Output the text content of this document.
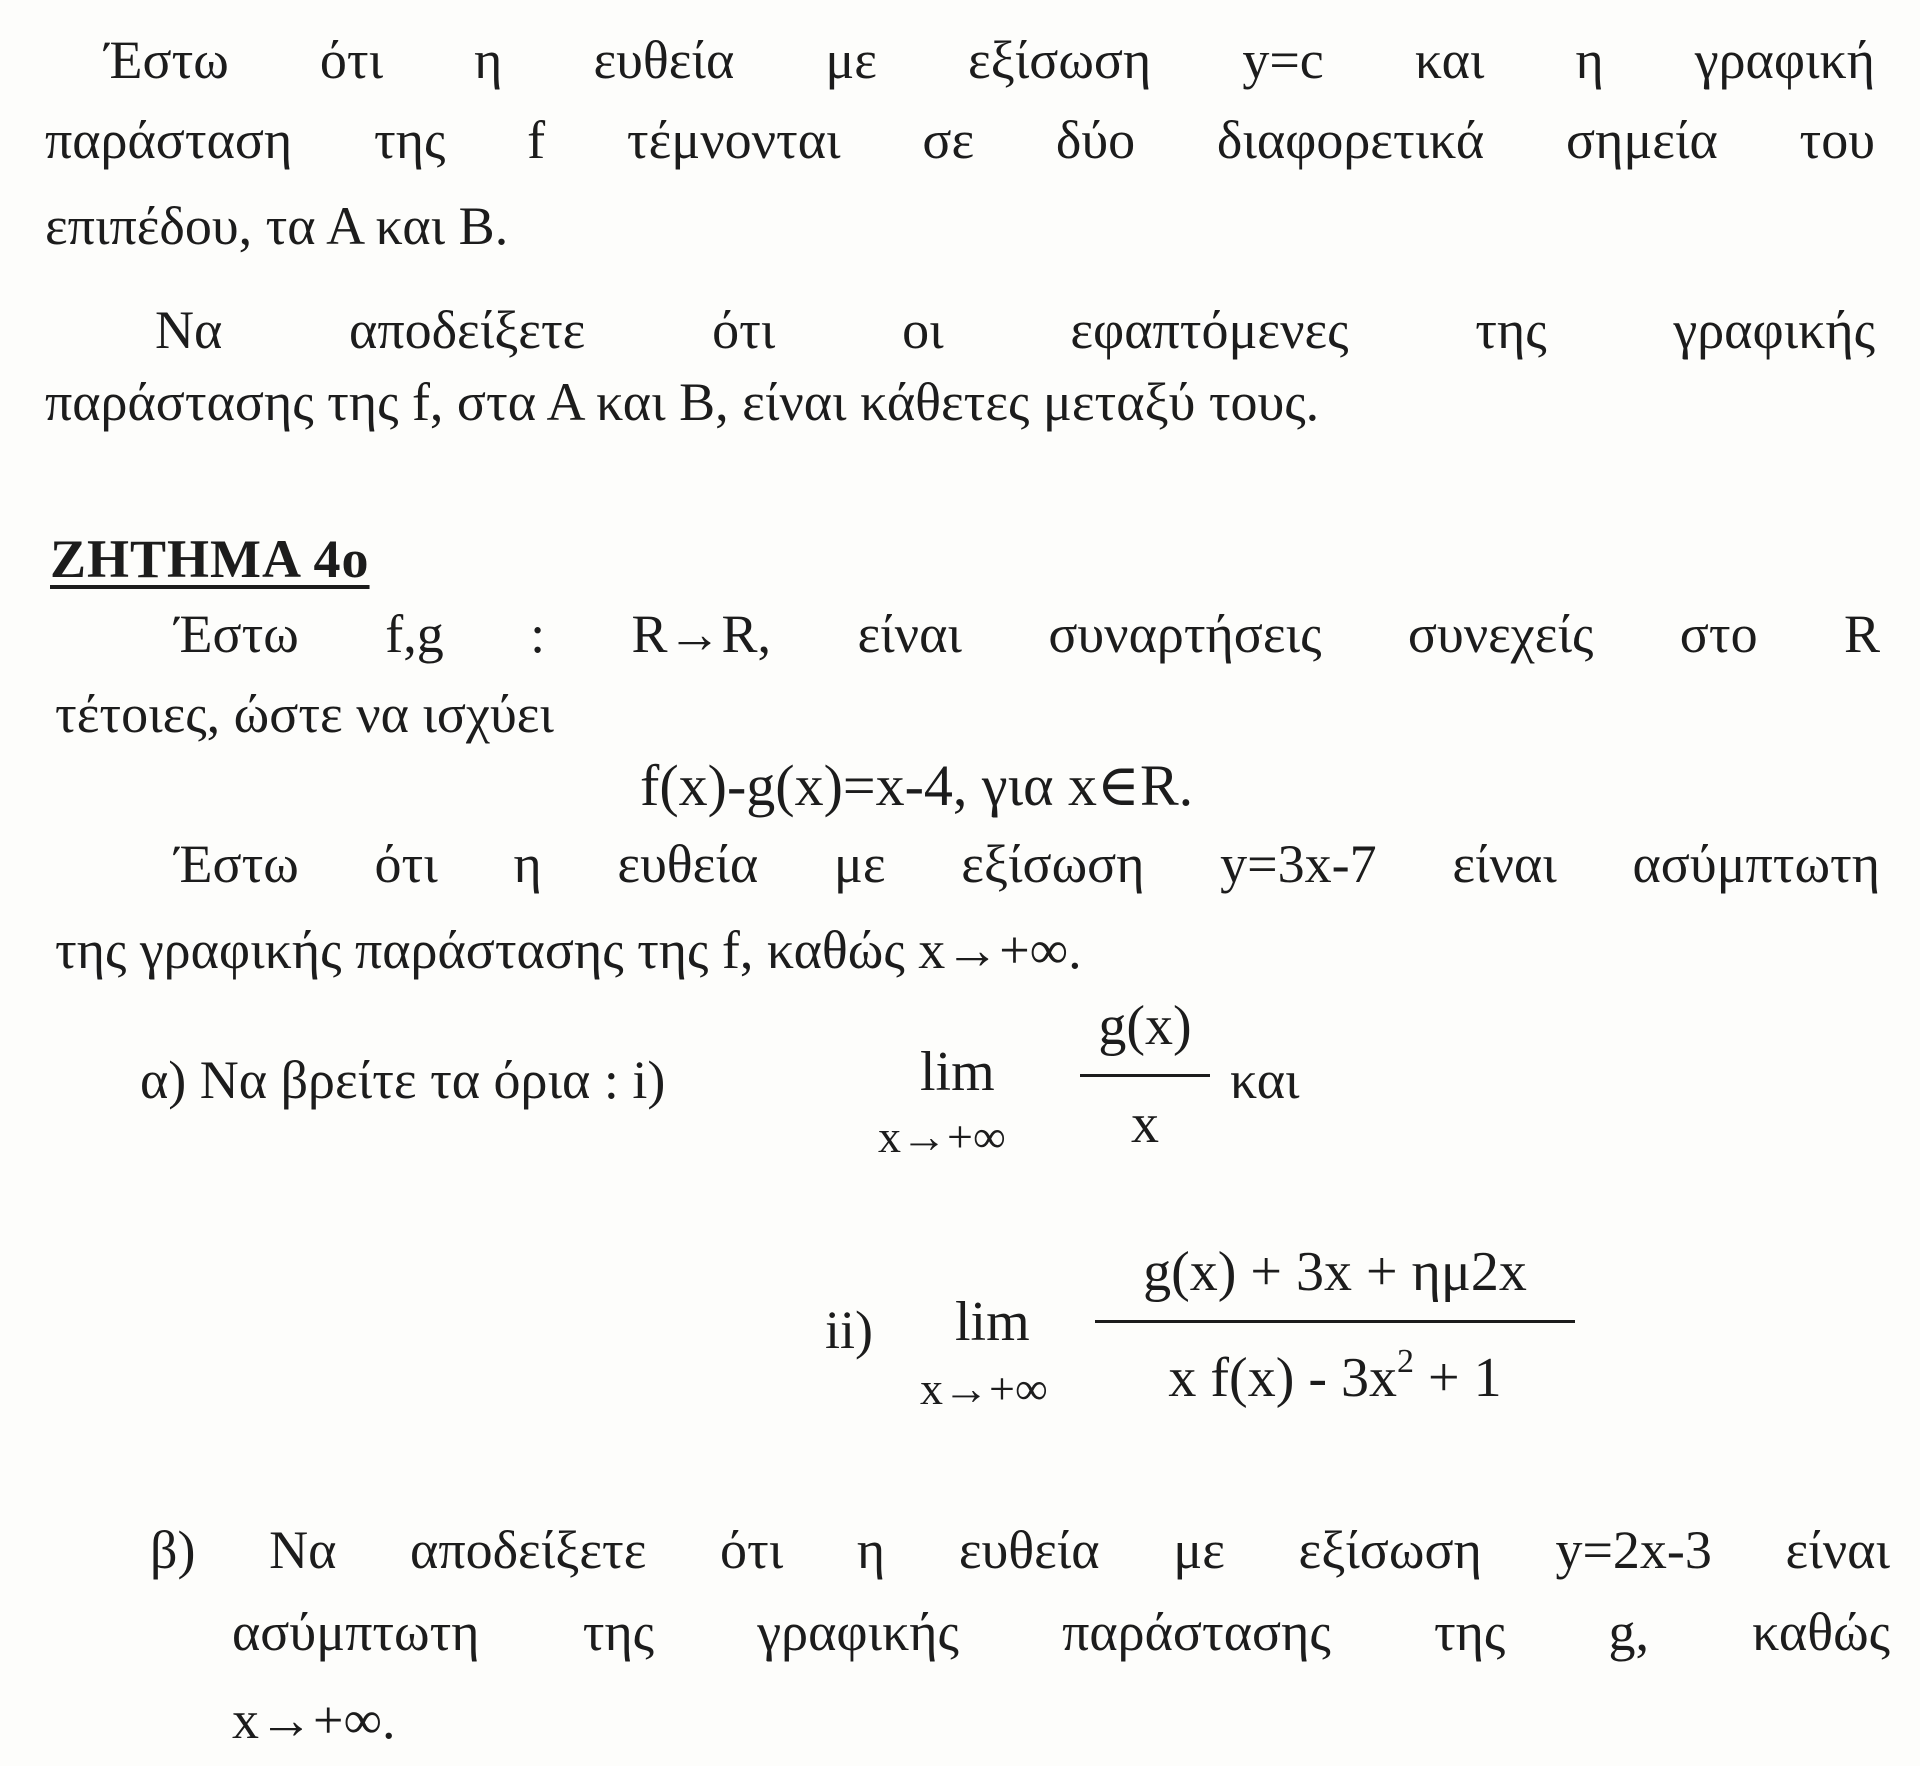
Έστω ότι η ευθεία με εξίσωση y=c και η γραφική
παράσταση της f τέμνονται σε δύο διαφορετικά σημεία του
επιπέδου, τα Α και Β.
Να αποδείξετε ότι οι εφαπτόμενες της γραφικής
παράστασης της f, στα Α και Β, είναι κάθετες μεταξύ τους.
ΖΗΤΗΜΑ 4ο
Έστω f,g : R→R, είναι συναρτήσεις συνεχείς στο R
τέτοιες, ώστε να ισχύει
f(x)-g(x)=x-4, για x∈R.
Έστω ότι η ευθεία με εξίσωση y=3x-7 είναι ασύμπτωτη
της γραφικής παράστασης της f, καθώς x→+∞.
α) Να βρείτε τα όρια : i)	lim
x→+∞
g(x)
x
και
ii) lim
x→+∞
g(x) + 3x + ημ2x
x $f(x) - 3x^2 + 1$
β) Να αποδείξετε ότι η ευθεία με εξίσωση y=2x-3 είναι
ασύμπτωτη της γραφικής παράστασης της g, καθώς
x→+∞.
